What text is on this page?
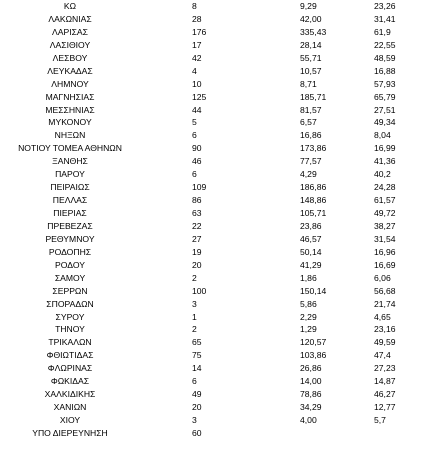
ΚΩ	8	9,29	23,26
ΛΑΚΩΝΙΑΣ	28	42,00	31,41
ΛΑΡΙΣΑΣ	176	335,43	61,9
ΛΑΣΙΘΙΟΥ	17	28,14	22,55
ΛΕΣΒΟΥ	42	55,71	48,59
ΛΕΥΚΑΔΑΣ	4	10,57	16,88
ΛΗΜΝΟΥ	10	8,71	57,93
ΜΑΓΝΗΣΙΑΣ	125	185,71	65,79
ΜΕΣΣΗΝΙΑΣ	44	81,57	27,51
ΜΥΚΟΝΟΥ	5	6,57	49,34
ΝΗΞΩΝ	6	16,86	8,04
ΝΟΤΙΟΥ ΤΟΜΕΑ ΑΘΗΝΩΝ	90	173,86	16,99
ΞΑΝΘΗΣ	46	77,57	41,36
ΠΑΡΟΥ	6	4,29	40,2
ΠΕΙΡΑΙΩΣ	109	186,86	24,28
ΠΕΛΛΑΣ	86	148,86	61,57
ΠΙΕΡΙΑΣ	63	105,71	49,72
ΠΡΕΒΕΖΑΣ	22	23,86	38,27
ΡΕΘΥΜΝΟΥ	27	46,57	31,54
ΡΟΔΟΠΗΣ	19	50,14	16,96
ΡΟΔΟΥ	20	41,29	16,69
ΣΑΜΟΥ	2	1,86	6,06
ΣΕΡΡΩΝ	100	150,14	56,68
ΣΠΟΡΑΔΩΝ	3	5,86	21,74
ΣΥΡΟΥ	1	2,29	4,65
ΤΗΝΟΥ	2	1,29	23,16
ΤΡΙΚΑΛΩΝ	65	120,57	49,59
ΦΘΙΩΤΙΔΑΣ	75	103,86	47,4
ΦΛΩΡΙΝΑΣ	14	26,86	27,23
ΦΩΚΙΔΑΣ	6	14,00	14,87
ΧΑΛΚΙΔΙΚΗΣ	49	78,86	46,27
ΧΑΝΙΩΝ	20	34,29	12,77
ΧΙΟΥ	3	4,00	5,7
ΥΠΟ ΔΙΕΡΕΥΝΗΣΗ	60
